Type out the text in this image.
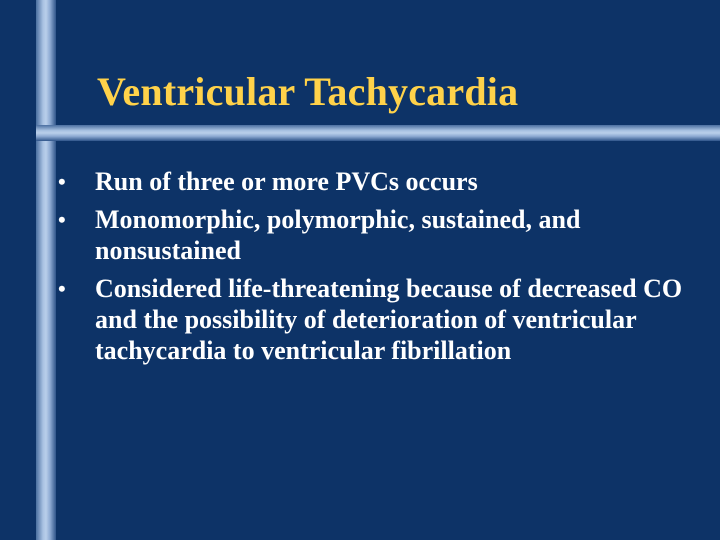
Ventricular Tachycardia
• Run of three or more PVCs occurs
• Monomorphic, polymorphic, sustained, and nonsustained
• Considered life-threatening because of decreased CO and the possibility of deterioration of ventricular tachycardia to ventricular fibrillation
